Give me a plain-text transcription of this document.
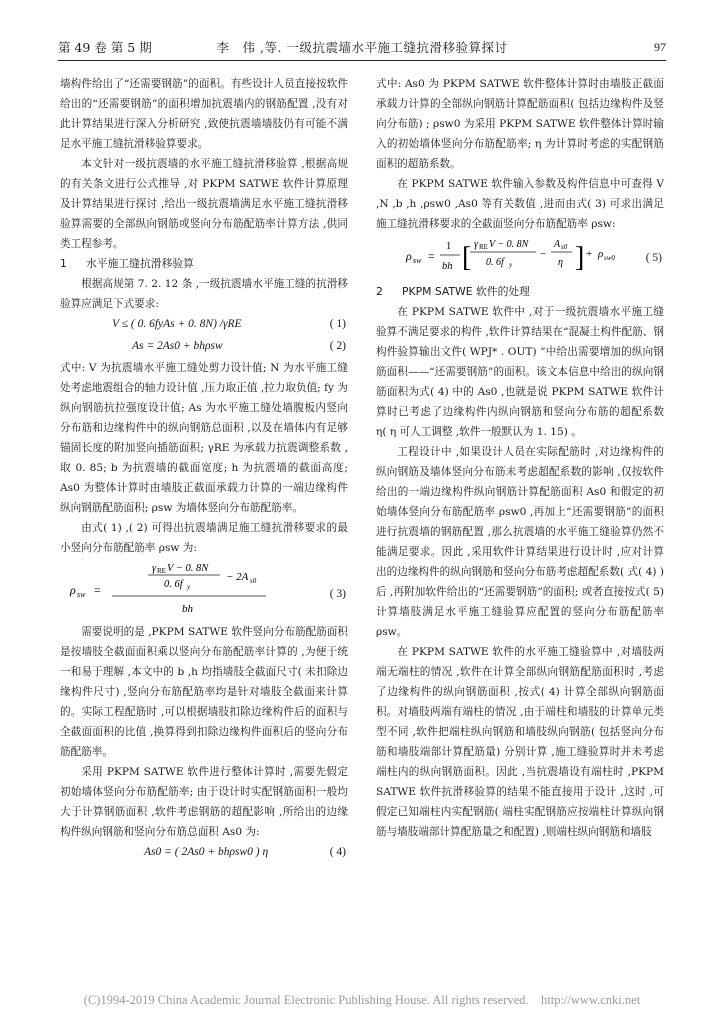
第 49 卷 第 5 期	李　伟 ,等. 一级抗震墙水平施工缝抗滑移验算探讨	97

墙构件给出了“还需要钢筋”的面积。有些设计人员直接按软件给出的“还需要钢筋”的面积增加抗震墙内的钢筋配置 ,没有对此计算结果进行深入分析研究 ,致使抗震墙墙肢仍有可能不满足水平施工缝抗滑移验算要求。

本文针对一级抗震墙的水平施工缝抗滑移验算 ,根据高规的有关条文进行公式推导 ,对 PKPM SATWE 软件计算原理及计算结果进行探讨 ,给出一级抗震墙满足水平施工缝抗滑移验算需要的全部纵向钢筋或竖向分布筋配筋率计算方法 ,供同类工程参考。

1 水平施工缝抗滑移验算

根据高规第 7. 2. 12 条 ,一级抗震墙水平施工缝的抗滑移验算应满足下式要求:

V ≤ ( 0. 6fyAs + 0. 8N) /γRE	( 1)
As = 2As0 + bhρsw	( 2)

式中: V 为抗震墙水平施工缝处剪力设计值; N 为水平施工缝处考虑地震组合的轴力设计值 ,压力取正值 ,拉力取负值; fy 为纵向钢筋抗拉强度设计值; As 为水平施工缝处墙腹板内竖向分布筋和边缘构件中的纵向钢筋总面积 ,以及在墙体内有足够锚固长度的附加竖向插筋面积; γRE 为承载力抗震调整系数 ,取 0. 85; b 为抗震墙的截面宽度; h 为抗震墙的截面高度; As0 为整体计算时由墙肢正截面承载力计算的一端边缘构件纵向钢筋配筋面积; ρsw 为墙体竖向分布筋配筋率。

由式( 1) ,( 2) 可得出抗震墙满足施工缝抗滑移要求的最小竖向分布筋配筋率 ρsw 为:

ρ sw =
γ RE V − 0. 8N
0. 6f y
− 2A s0
bh
( 3)

需要说明的是 ,PKPM SATWE 软件竖向分布筋配筋面积是按墙肢全截面面积乘以竖向分布筋配筋率计算的 ,为便于统一和易于理解 ,本文中的 b ,h 均指墙肢全截面尺寸( 未扣除边缘构件尺寸) ,竖向分布筋配筋率均是针对墙肢全截面来计算的。实际工程配筋时 ,可以根据墙肢扣除边缘构件后的面积与全截面面积的比值 ,换算得到扣除边缘构件面积后的竖向分布筋配筋率。

采用 PKPM SATWE 软件进行整体计算时 ,需要先假定初始墙体竖向分布筋配筋率; 由于设计时实配钢筋面积一般均大于计算钢筋面积 ,软件考虑钢筋的超配影响 ,所给出的边缘构件纵向钢筋和竖向分布筋总面积 As0 为:

As0 = ( 2As0 + bhρsw0 ) η	( 4)

式中: As0 为 PKPM SATWE 软件整体计算时由墙肢正截面承载力计算的全部纵向钢筋计算配筋面积( 包括边缘构件及竖向分布筋) ; ρsw0 为采用 PKPM SATWE 软件整体计算时输入的初始墙体竖向分布筋配筋率; η 为计算时考虑的实配钢筋面积的超筋系数。

在 PKPM SATWE 软件输入参数及构件信息中可查得 V ,N ,b ,h ,ρsw0 ,As0 等有关数值 ,进而由式( 3) 可求出满足施工缝抗滑移要求的全截面竖向分布筋配筋率 ρsw:

ρ sw =
1
bh [ γ RE V − 0. 8N
0. 6f y
−
A s0
η ] + ρ sw0	( 5)

2 PKPM SATWE 软件的处理

在 PKPM SATWE 软件中 ,对于一级抗震墙水平施工缝验算不满足要求的构件 ,软件计算结果在“混凝土构件配筋、钢构件验算输出文件( WPJ* . OUT) ”中给出需要增加的纵向钢筋面积——“还需要钢筋”的面积。该文本信息中给出的纵向钢筋面积为式( 4) 中的 As0 ,也就是说 PKPM SATWE 软件计算时已考虑了边缘构件内纵向钢筋和竖向分布筋的超配系数 η( η 可人工调整 ,软件一般默认为 1. 15) 。

工程设计中 ,如果设计人员在实际配筋时 ,对边缘构件的纵向钢筋及墙体竖向分布筋未考虑超配系数的影响 ,仅按软件给出的一端边缘构件纵向钢筋计算配筋面积 As0 和假定的初始墙体竖向分布筋配筋率 ρsw0 ,再加上“还需要钢筋”的面积进行抗震墙的钢筋配置 ,那么抗震墙的水平施工缝验算仍然不能满足要求。因此 ,采用软件计算结果进行设计时 ,应对计算出的边缘构件的纵向钢筋和竖向分布筋考虑超配系数( 式( 4) ) 后 ,再附加软件给出的“还需要钢筋”的面积; 或者直接按式( 5) 计算墙肢满足水平施工缝验算应配置的竖向分布筋配筋率 ρsw。

在 PKPM SATWE 软件的水平施工缝验算中 ,对墙肢两端无端柱的情况 ,软件在计算全部纵向钢筋配筋面积时 ,考虑了边缘构件的纵向钢筋面积 ,按式( 4) 计算全部纵向钢筋面积。对墙肢两端有端柱的情况 ,由于端柱和墙肢的计算单元类型不同 ,软件把端柱纵向钢筋和墙肢纵向钢筋( 包括竖向分布筋和墙肢端部计算配筋量) 分别计算 ,施工缝验算时并未考虑端柱内的纵向钢筋面积。因此 ,当抗震墙设有端柱时 ,PKPM SATWE 软件抗滑移验算的结果不能直接用于设计 ,这时 ,可假定已知端柱内实配钢筋( 端柱实配钢筋应按端柱计算纵向钢筋与墙肢端部计算配筋量之和配置) ,则端柱纵向钢筋和墙肢

(C)1994-2019 China Academic Journal Electronic Publishing House. All rights reserved.　http://www.cnki.net
